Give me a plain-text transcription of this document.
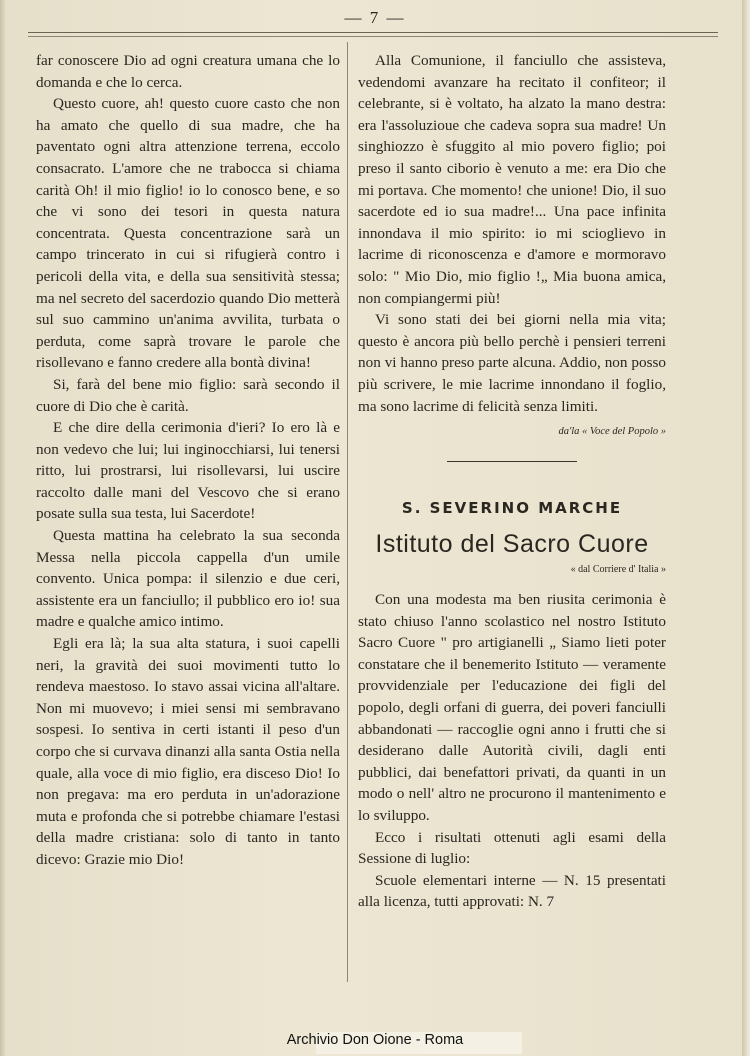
— 7 —

far conoscere Dio ad ogni creatura umana che lo domanda e che lo cerca.

Questo cuore, ah! questo cuore casto che non ha amato che quello di sua madre, che ha paventato ogni altra attenzione terrena, eccolo consacrato. L'amore che ne trabocca si chiama carità Oh! il mio figlio! io lo conosco bene, e so che vi sono dei tesori in questa natura concentrata. Questa concentrazione sarà un campo trincerato in cui si rifugierà contro i pericoli della vita, e della sua sensitività stessa; ma nel secreto del sacerdozio quando Dio metterà sul suo cammino un'anima avvilita, turbata o perduta, come saprà trovare le parole che risollevano e fanno credere alla bontà divina!

Si, farà del bene mio figlio: sarà secondo il cuore di Dio che è carità.

E che dire della cerimonia d'ieri? Io ero là e non vedevo che lui; lui inginocchiarsi, lui tenersi ritto, lui prostrarsi, lui risollevarsi, lui uscire raccolto dalle mani del Vescovo che si erano posate sulla sua testa, lui Sacerdote!

Questa mattina ha celebrato la sua seconda Messa nella piccola cappella d'un umile convento. Unica pompa: il silenzio e due ceri, assistente era un fanciullo; il pubblico ero io! sua madre e qualche amico intimo.

Egli era là; la sua alta statura, i suoi capelli neri, la gravità dei suoi movimenti tutto lo rendeva maestoso. Io stavo assai vicina all'altare. Non mi muovevo; i miei sensi mi sembravano sospesi. Io sentiva in certi istanti il peso d'un corpo che si curvava dinanzi alla santa Ostia nella quale, alla voce di mio figlio, era disceso Dio! Io non pregava: ma ero perduta in un'adorazione muta e profonda che si potrebbe chiamare l'estasi della madre cristiana: solo di tanto in tanto dicevo: Grazie mio Dio!

Alla Comunione, il fanciullo che assisteva, vedendomi avanzare ha recitato il confiteor; il celebrante, si è voltato, ha alzato la mano destra: era l'assoluzioue che cadeva sopra sua madre! Un singhiozzo è sfuggito al mio povero figlio; poi preso il santo ciborio è venuto a me: era Dio che mi portava. Che momento! che unione! Dio, il suo sacerdote ed io sua madre!... Una pace infinita innondava il mio spirito: io mi scioglievo in lacrime di riconoscenza e d'amore e mormoravo solo: " Mio Dio, mio figlio !„ Mia buona amica, non compiangermi più!

Vi sono stati dei bei giorni nella mia vita; questo è ancora più bello perchè i pensieri terreni non vi hanno preso parte alcuna. Addio, non posso più scrivere, le mie lacrime innondano il foglio, ma sono lacrime di felicità senza limiti.

da'la « Voce del Popolo »
S. SEVERINO MARCHE
Istituto del Sacro Cuore
« dal Corriere d' Italia »

Con una modesta ma ben riusita cerimonia è stato chiuso l'anno scolastico nel nostro Istituto Sacro Cuore " pro artigianelli „ Siamo lieti poter constatare che il benemerito Istituto — veramente provvidenziale per l'educazione dei figli del popolo, degli orfani di guerra, dei poveri fanciulli abbandonati — raccoglie ogni anno i frutti che si desiderano dalle Autorità civili, dagli enti pubblici, dai benefattori privati, da quanti in un modo o nell' altro ne procurono il mantenimento e lo sviluppo.

Ecco i risultati ottenuti agli esami della Sessione di luglio:

Scuole elementari interne — N. 15 presentati alla licenza, tutti approvati: N. 7

Archivio Don Oione - Roma
